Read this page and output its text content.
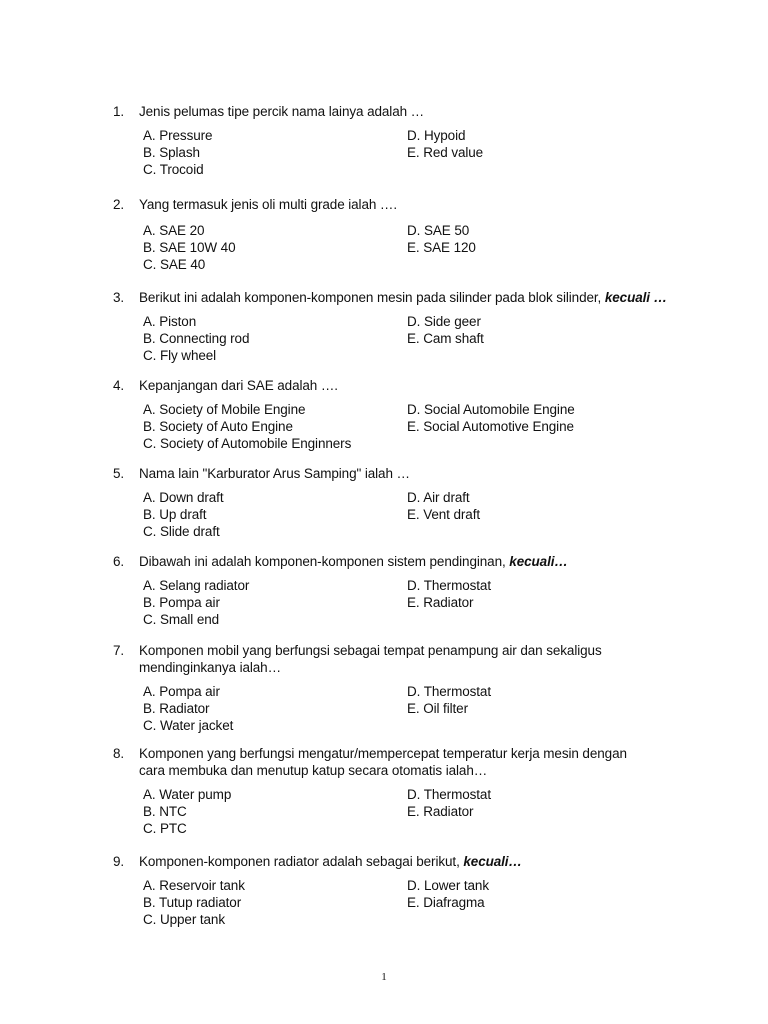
1.	Jenis pelumas tipe percik nama lainya adalah …
A. Pressure	D. Hypoid
B. Splash	E. Red value
C. Trocoid
2.	Yang termasuk jenis oli multi grade ialah ….
A. SAE 20	D. SAE 50
B. SAE 10W 40	E. SAE 120
C. SAE 40
3.	Berikut ini adalah komponen-komponen mesin pada silinder pada blok silinder, kecuali …
A. Piston	D. Side geer
B. Connecting rod	E. Cam shaft
C. Fly wheel
4.	Kepanjangan dari SAE adalah ….
A. Society of Mobile Engine	D. Social Automobile Engine
B. Society of Auto Engine	E. Social Automotive Engine
C. Society of Automobile Enginners
5.	Nama lain "Karburator Arus Samping" ialah …
A. Down draft	D. Air draft
B. Up draft	E. Vent draft
C. Slide draft
6.	Dibawah ini adalah komponen-komponen sistem pendinginan, kecuali…
A. Selang radiator	D. Thermostat
B. Pompa air	E. Radiator
C. Small end
7.	Komponen mobil yang berfungsi sebagai tempat penampung air dan sekaligus mendinginkanya ialah…
A. Pompa air	D. Thermostat
B. Radiator	E. Oil filter
C. Water jacket
8.	Komponen yang berfungsi mengatur/mempercepat temperatur kerja mesin dengan cara membuka dan menutup katup secara otomatis ialah…
A. Water pump	D. Thermostat
B. NTC	E. Radiator
C. PTC
9.	Komponen-komponen radiator adalah sebagai berikut, kecuali…
A. Reservoir tank	D. Lower tank
B. Tutup radiator	E. Diafragma
C. Upper tank
1
